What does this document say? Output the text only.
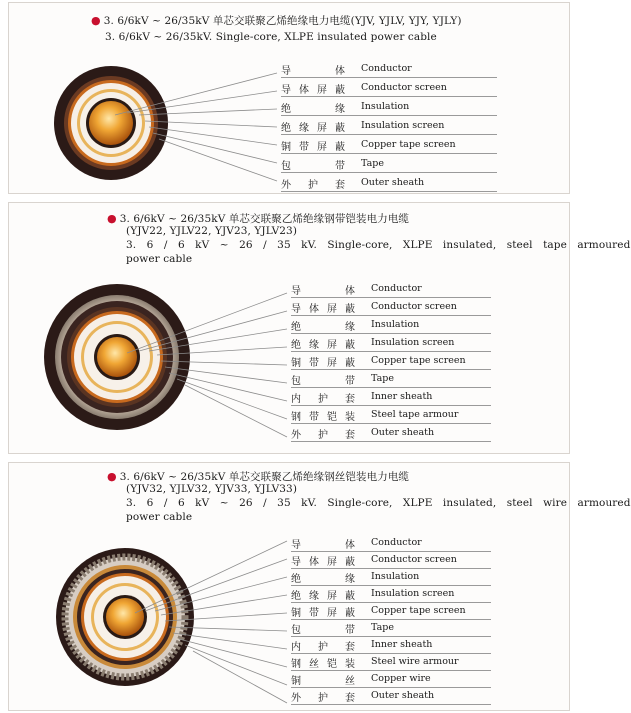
● 3. 6/6kV ~ 26/35kV 单芯交联聚乙烯绝缘电力电缆(YJV, YJLV, YJY, YJLY)
3. 6/6kV ~ 26/35kV. Single-core, XLPE insulated power cable
导体 Conductor
导体屏蔽 Conductor screen
绝缘 Insulation
绝缘屏蔽 Insulation screen
铜带屏蔽 Copper tape screen
包带 Tape
外护套 Outer sheath
● 3. 6/6kV ~ 26/35kV 单芯交联聚乙烯绝缘钢带铠装电力电缆
(YJV22, YJLV22, YJV23, YJLV23)
3. 6 / 6 kV ~ 26 / 35 kV. Single-core, XLPE insulated, steel tape armoured
power cable
导体 Conductor
导体屏蔽 Conductor screen
绝缘 Insulation
绝缘屏蔽 Insulation screen
铜带屏蔽 Copper tape screen
包带 Tape
内护套 Inner sheath
钢带铠装 Steel tape armour
外护套 Outer sheath
● 3. 6/6kV ~ 26/35kV 单芯交联聚乙烯绝缘钢丝铠装电力电缆
(YJV32, YJLV32, YJV33, YJLV33)
3. 6 / 6 kV ~ 26 / 35 kV. Single-core, XLPE insulated, steel wire armoured
power cable
导体 Conductor
导体屏蔽 Conductor screen
绝缘 Insulation
绝缘屏蔽 Insulation screen
铜带屏蔽 Copper tape screen
包带 Tape
内护套 Inner sheath
钢丝铠装 Steel wire armour
铜丝 Copper wire
外护套 Outer sheath
